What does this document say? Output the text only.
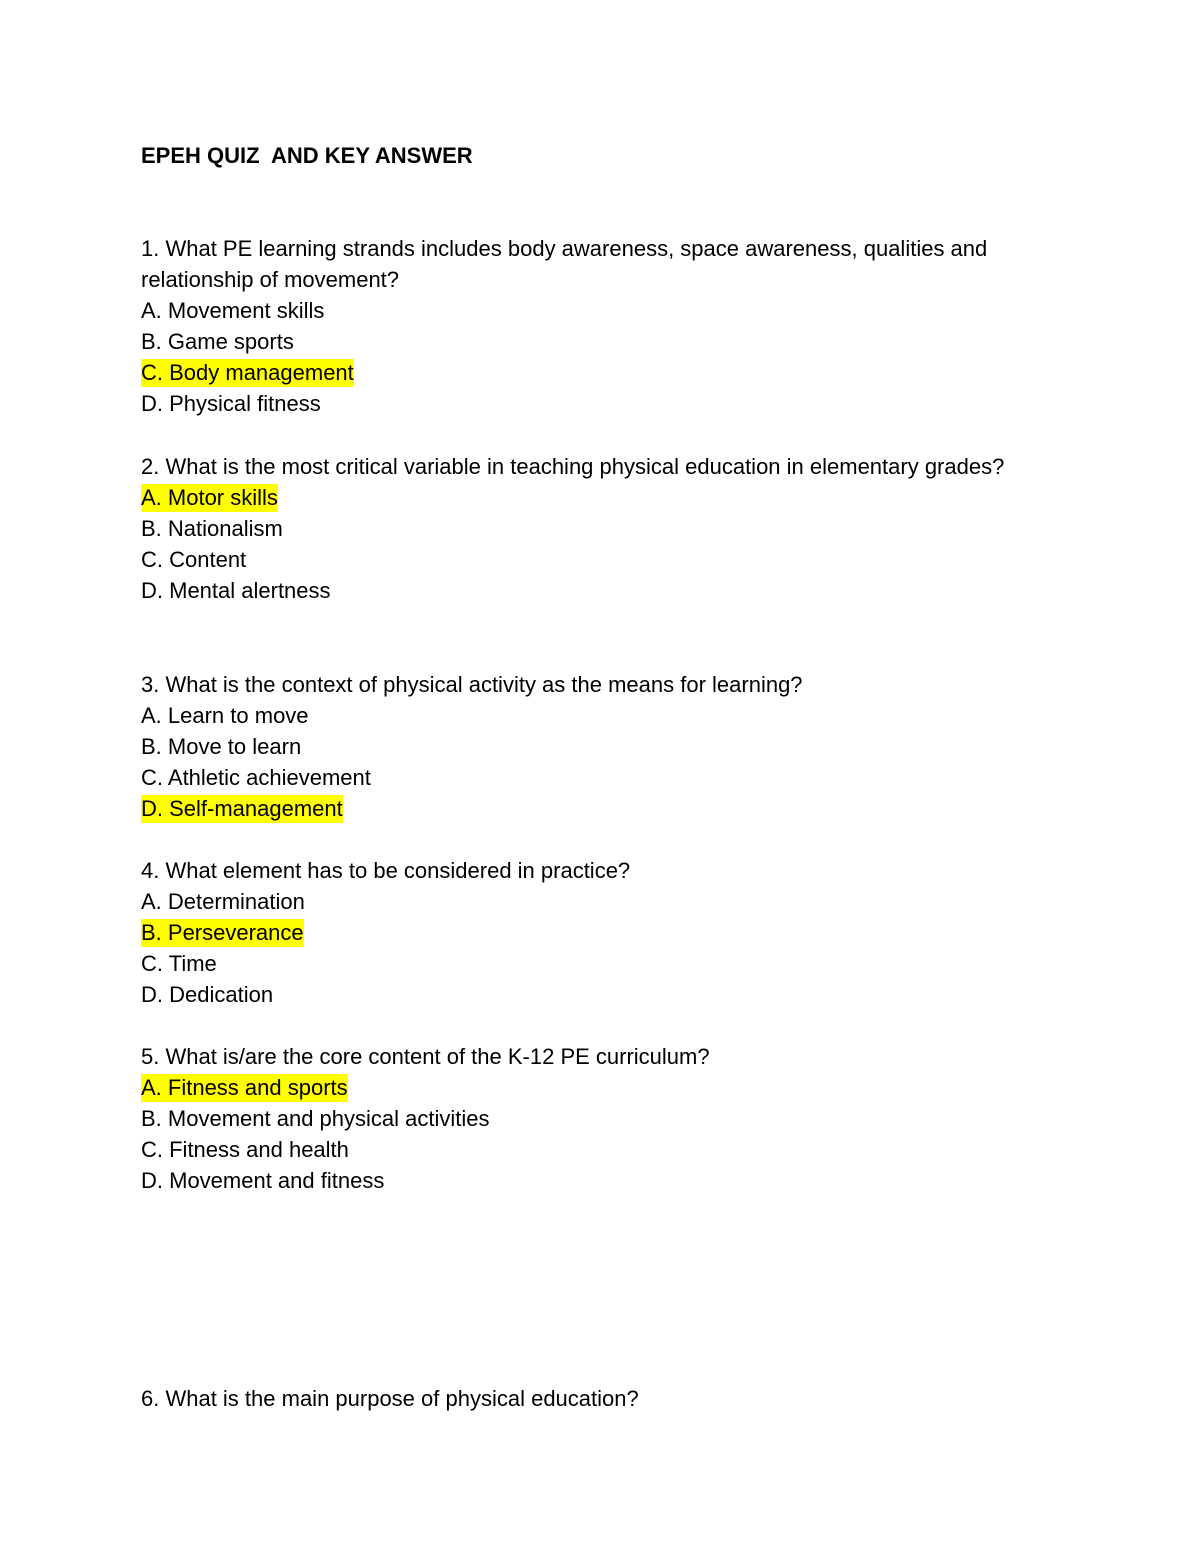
EPEH QUIZ  AND KEY ANSWER

1. What PE learning strands includes body awareness, space awareness, qualities and relationship of movement?

A. Movement skills
B. Game sports
C. Body management
D. Physical fitness

2. What is the most critical variable in teaching physical education in elementary grades?

A. Motor skills
B. Nationalism
C. Content
D. Mental alertness

3. What is the context of physical activity as the means for learning?

A. Learn to move
B. Move to learn
C. Athletic achievement
D. Self-management

4. What element has to be considered in practice?

A. Determination
B. Perseverance
C. Time
D. Dedication

5. What is/are the core content of the K-12 PE curriculum?

A. Fitness and sports
B. Movement and physical activities
C. Fitness and health
D. Movement and fitness

6. What is the main purpose of physical education?
